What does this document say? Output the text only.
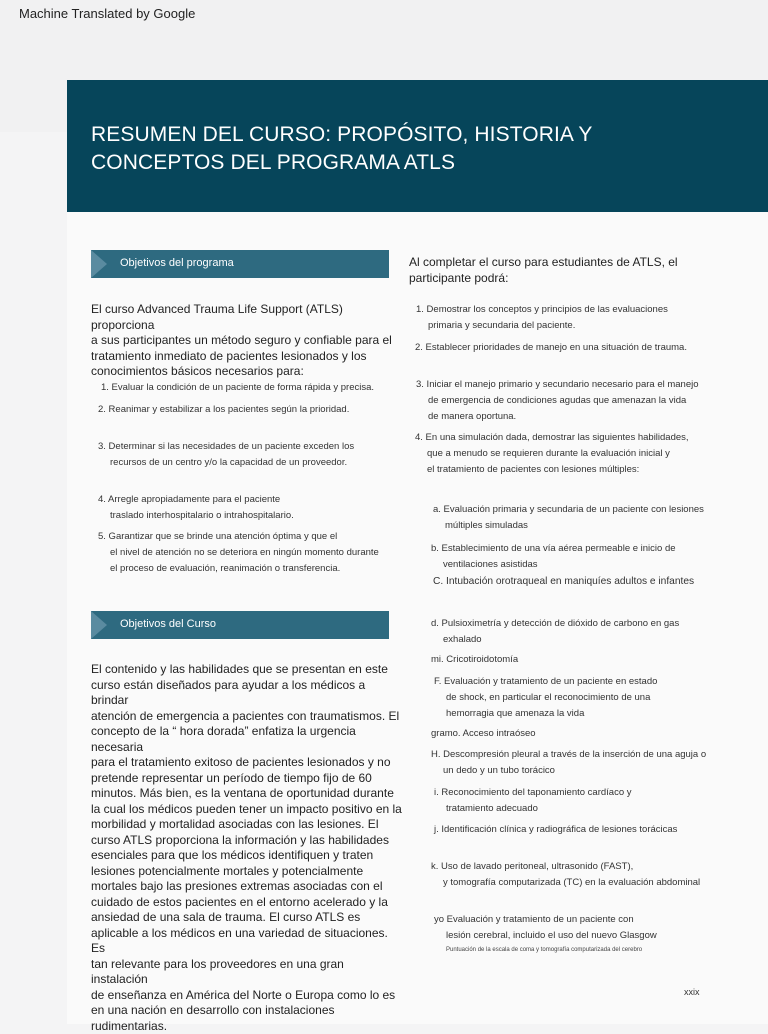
Machine Translated by Google
RESUMEN DEL CURSO: PROPÓSITO, HISTORIA Y
CONCEPTOS DEL PROGRAMA ATLS
Objetivos del programa
El curso Advanced Trauma Life Support (ATLS) proporciona
a sus participantes un método seguro y confiable para el
tratamiento inmediato de pacientes lesionados y los
conocimientos básicos necesarios para:
1. Evaluar la condición de un paciente de forma rápida y precisa.
2. Reanimar y estabilizar a los pacientes según la prioridad.
3. Determinar si las necesidades de un paciente exceden los
recursos de un centro y/o la capacidad de un proveedor.
4. Arregle apropiadamente para el paciente
traslado interhospitalario o intrahospitalario.
5. Garantizar que se brinde una atención óptima y que el
el nivel de atención no se deteriora en ningún momento durante
el proceso de evaluación, reanimación o transferencia.
Objetivos del Curso
El contenido y las habilidades que se presentan en este
curso están diseñados para ayudar a los médicos a brindar
atención de emergencia a pacientes con traumatismos. El
concepto de la “ hora dorada” enfatiza la urgencia necesaria
para el tratamiento exitoso de pacientes lesionados y no
pretende representar un período de tiempo fijo de 60
minutos. Más bien, es la ventana de oportunidad durante
la cual los médicos pueden tener un impacto positivo en la
morbilidad y mortalidad asociadas con las lesiones. El
curso ATLS proporciona la información y las habilidades
esenciales para que los médicos identifiquen y traten
lesiones potencialmente mortales y potencialmente
mortales bajo las presiones extremas asociadas con el
cuidado de estos pacientes en el entorno acelerado y la
ansiedad de una sala de trauma. El curso ATLS es
aplicable a los médicos en una variedad de situaciones. Es
tan relevante para los proveedores en una gran instalación
de enseñanza en América del Norte o Europa como lo es
en una nación en desarrollo con instalaciones rudimentarias.
Al completar el curso para estudiantes de ATLS, el
participante podrá:
1. Demostrar los conceptos y principios de las evaluaciones
primaria y secundaria del paciente.
2. Establecer prioridades de manejo en una situación de trauma.
3. Iniciar el manejo primario y secundario necesario para el manejo
de emergencia de condiciones agudas que amenazan la vida
de manera oportuna.
4. En una simulación dada, demostrar las siguientes habilidades,
que a menudo se requieren durante la evaluación inicial y
el tratamiento de pacientes con lesiones múltiples:
a. Evaluación primaria y secundaria de un paciente con lesiones
múltiples simuladas
b. Establecimiento de una vía aérea permeable e inicio de
ventilaciones asistidas
C. Intubación orotraqueal en maniquíes adultos e infantes
d. Pulsioximetría y detección de dióxido de carbono en gas
exhalado
mi. Cricotiroidotomía
F. Evaluación y tratamiento de un paciente en estado
de shock, en particular el reconocimiento de una
hemorragia que amenaza la vida
gramo. Acceso intraóseo
H. Descompresión pleural a través de la inserción de una aguja o
un dedo y un tubo torácico
i. Reconocimiento del taponamiento cardíaco y
tratamiento adecuado
j. Identificación clínica y radiográfica de lesiones torácicas
k. Uso de lavado peritoneal, ultrasonido (FAST),
y tomografía computarizada (TC) en la evaluación abdominal
yo Evaluación y tratamiento de un paciente con
lesión cerebral, incluido el uso del nuevo Glasgow
Puntuación de la escala de coma y tomografía computarizada del cerebro
xxix
